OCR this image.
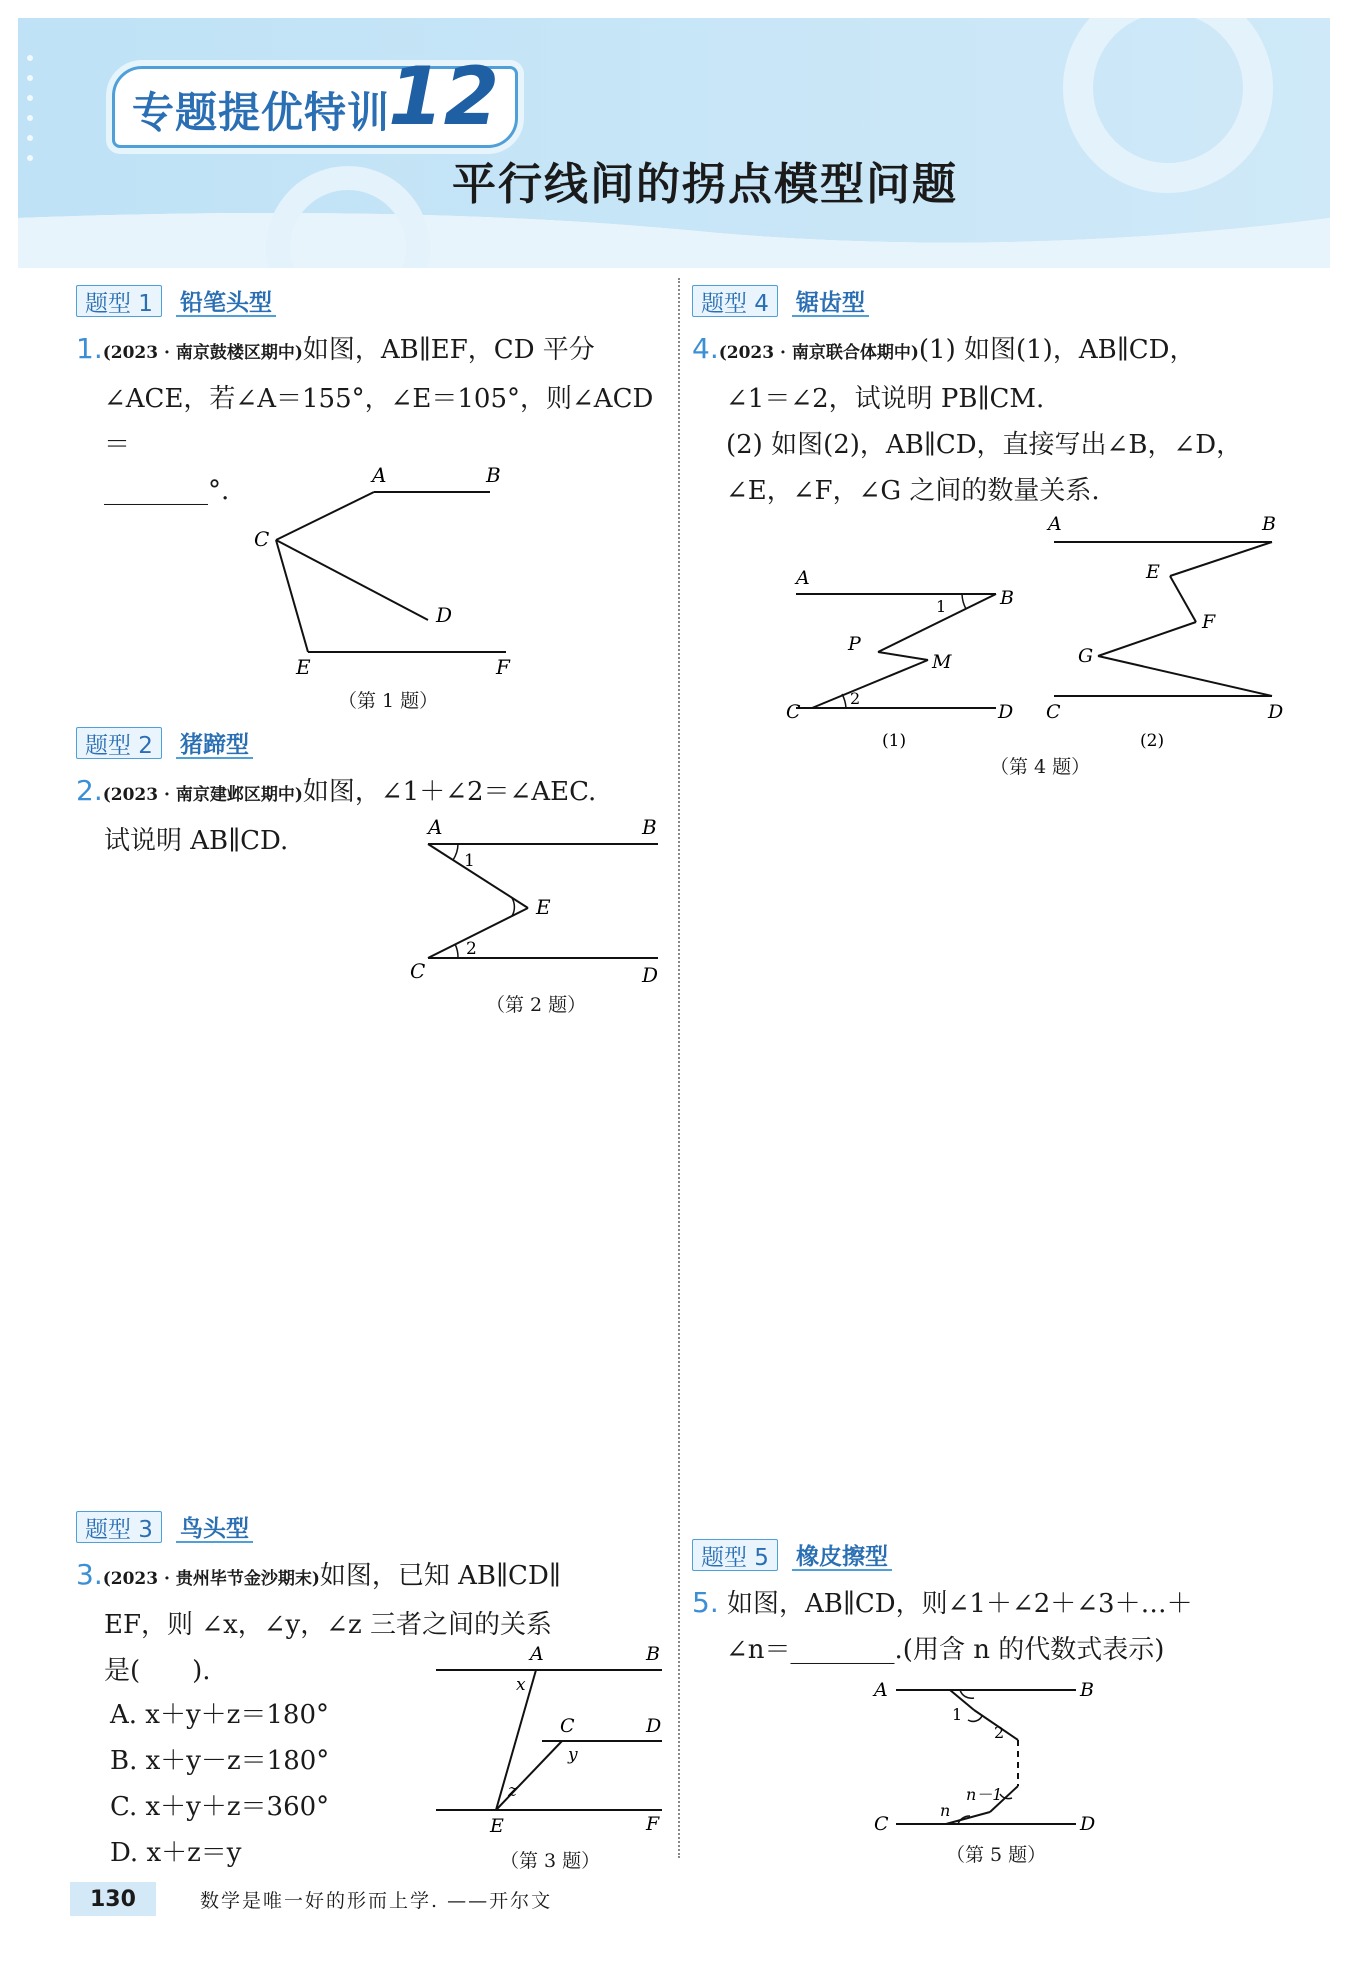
专题提优特训
12
平行线间的拐点模型问题
题型 1	铅笔头型
1.(2023 · 南京鼓楼区期中)如图，AB∥EF，CD 平分
∠ACE，若∠A＝155°，∠E＝105°，则∠ACD＝
________°.
A	B
C
D
E	F
（第 1 题）
题型 2	猪蹄型
2.(2023 · 南京建邺区期中)如图，∠1＋∠2＝∠AEC.
试说明 AB∥CD.	A	B
1
E
2
C	D
（第 2 题）
题型 3	鸟头型
3.(2023 · 贵州毕节金沙期末)如图，已知 AB∥CD∥
EF，则 ∠x，∠y，∠z 三者之间的关系
是(　　).
A. x＋y＋z＝180°
B. x＋y－z＝180°
C. x＋y＋z＝360°
D. x＋z＝y
A	B
x
C	D
y
z
E	F
（第 3 题）
题型 4	锯齿型
4.(2023 · 南京联合体期中)(1) 如图(1)，AB∥CD，
∠1＝∠2，试说明 PB∥CM.
(2) 如图(2)，AB∥CD，直接写出∠B，∠D，
∠E，∠F，∠G 之间的数量关系.
A
B
1
P
M
2
C	D
(1)
A	B
E
F
G
C	D
(2)
（第 4 题）
题型 5	橡皮擦型
5. 如图，AB∥CD，则∠1＋∠2＋∠3＋…＋
∠n＝________.(用含 n 的代数式表示)
A	B
1
2
n－1
n
C	D
（第 5 题）
130	数学是唯一好的形而上学. ——开尔文
